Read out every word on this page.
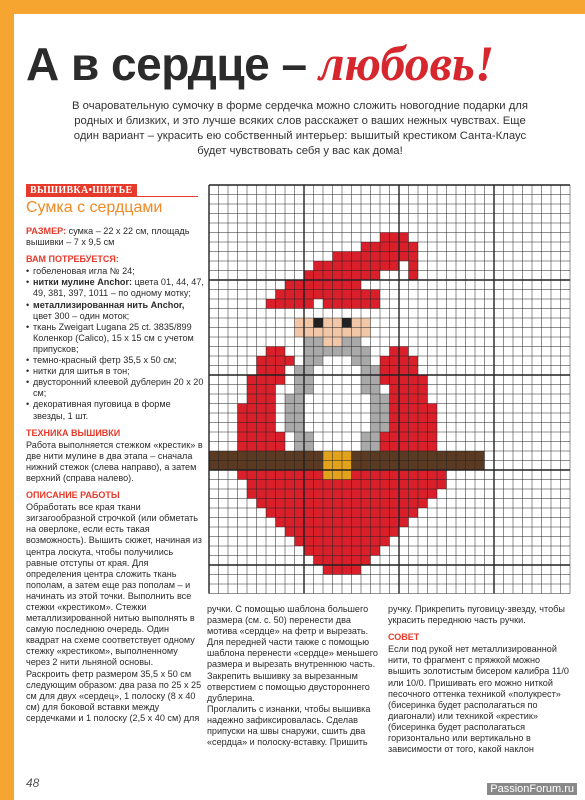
А в сердце – любовь!

В очаровательную сумочку в форме сердечка можно сложить новогодние подарки для родных и близких, и это лучше всяких слов расскажет о ваших нежных чувствах. Еще один вариант – украсить ею собственный интерьер: вышитый крестиком Санта-Клаус будет чувствовать себя у вас как дома!

ВЫШИВКА•ШИТЬЕ
Сумка с сердцами

РАЗМЕР: сумка – 22 х 22 см, площадь вышивки – 7 х 9,5 см

ВАМ ПОТРЕБУЕТСЯ:
• гобеленовая игла № 24;
• нитки мулине Anchor: цвета 01, 44, 47, 49, 381, 397, 1011 – по одному мотку;
• металлизированная нить Anchor, цвет 300 – один моток;
• ткань Zweigart Lugana 25 ct. 3835/899 Коленкор (Calico), 15 х 15 см с учетом припусков;
• темно-красный фетр 35,5 х 50 см;
• нитки для шитья в тон;
• двусторонний клеевой дублерин 20 х 20 см;
• декоративная пуговица в форме звезды, 1 шт.
ТЕХНИКА ВЫШИВКИ

Работа выполняется стежком «крестик» в две нити мулине в два этапа – сначала нижний стежок (слева направо), а затем верхний (справа налево).

ОПИСАНИЕ РАБОТЫ

Обработать все края ткани зигзагообразной строчкой (или обметать на оверлоке, если есть такая возможность). Вышить сюжет, начиная из центра лоскута, чтобы получились равные отступы от края. Для определения центра сложить ткань пополам, а затем еще раз пополам – и начинать из этой точки. Выполнить все стежки «крестиком». Стежки металлизированной нитью выполнять в самую последнюю очередь. Один квадрат на схеме соответствует одному стежку «крестиком», выполненному через 2 нити льняной основы.

Раскроить фетр размером 35,5 х 50 см следующим образом: два раза по 25 х 25 см для двух «сердец», 1 полоску (8 х 40 см) для боковой вставки между сердечками и 1 полоску (2,5 х 40 см) для

ручки. С помощью шаблона большего размера (см. с. 50) перенести два мотива «сердце» на фетр и вырезать. Для передней части также с помощью шаблона перенести «сердце» меньшего размера и вырезать внутреннюю часть.

Закрепить вышивку за вырезанным отверстием с помощью двустороннего дублерина.

Проглалить с изнанки, чтобы вышивка надежно зафиксировалась. Сделав припуски на швы снаружи, сшить два «сердца» и полоску-вставку. Пришить

ручку. Прикрепить пуговицу-звезду, чтобы украсить переднюю часть ручки.

СОВЕТ

Если под рукой нет металлизированной нити, то фрагмент с пряжкой можно вышить золотистым бисером калибра 11/0 или 10/0. Пришивать его можно ниткой песочного оттенка техникой «полукрест» (бисеринка будет располагаться по диагонали) или техникой «крестик» (бисеринка будет располагаться горизонтально или вертикально в зависимости от того, какой наклон

48	PassionForum.ru
